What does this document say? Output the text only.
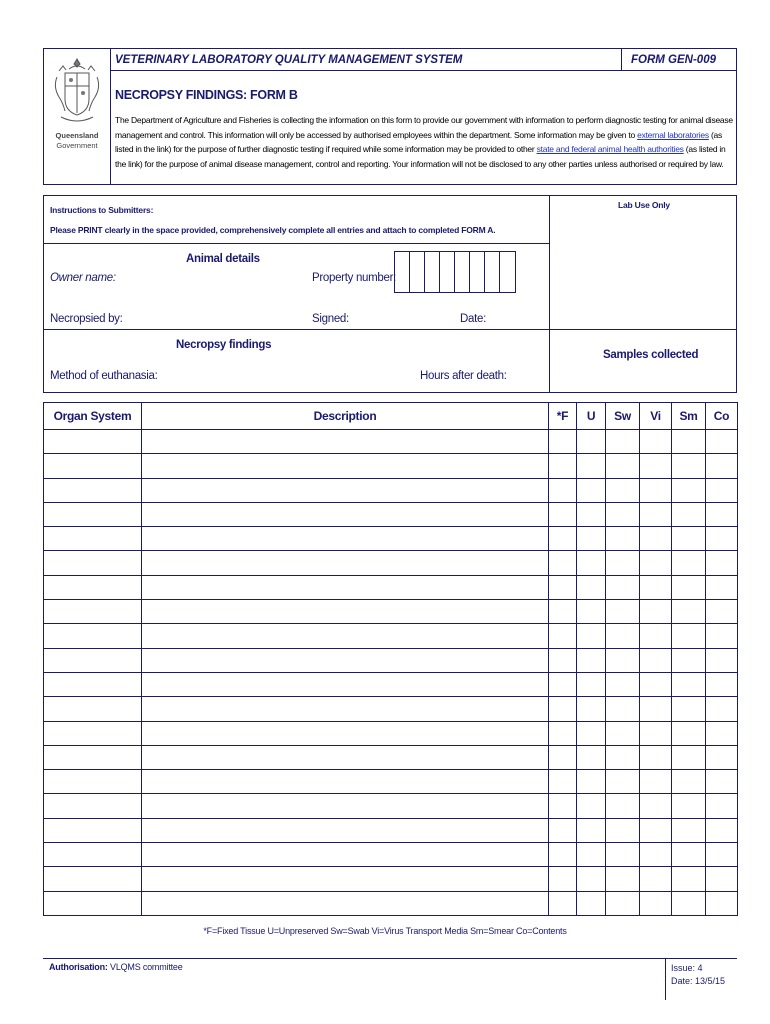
Queensland
Government
VETERINARY LABORATORY QUALITY MANAGEMENT SYSTEM	FORM GEN-009
NECROPSY FINDINGS: FORM B
The Department of Agriculture and Fisheries is collecting the information on this form to provide our government with information to perform diagnostic testing for animal disease management and control. This information will only be accessed by authorised employees within the department. Some information may be given to external laboratories (as listed in the link) for the purpose of further diagnostic testing if required while some information may be provided to other state and federal animal health authorities (as listed in the link) for the purpose of animal disease management, control and reporting. Your information will not be disclosed to any other parties unless authorised or required by law.
Instructions to Submitters:
Please PRINT clearly in the space provided, comprehensively complete all entries and attach to completed FORM A.
Lab Use Only
Animal details
Owner name:	Property number:
Necropsied by:	Signed:	Date:
Necropsy findings
Method of euthanasia:	Hours after death:
Samples collected
Organ System	Description	*F	U	Sw	Vi	Sm	Co

*F=Fixed Tissue U=Unpreserved Sw=Swab Vi=Virus Transport Media Sm=Smear Co=Contents
Authorisation: VLQMS committee	Issue: 4
Date: 13/5/15
